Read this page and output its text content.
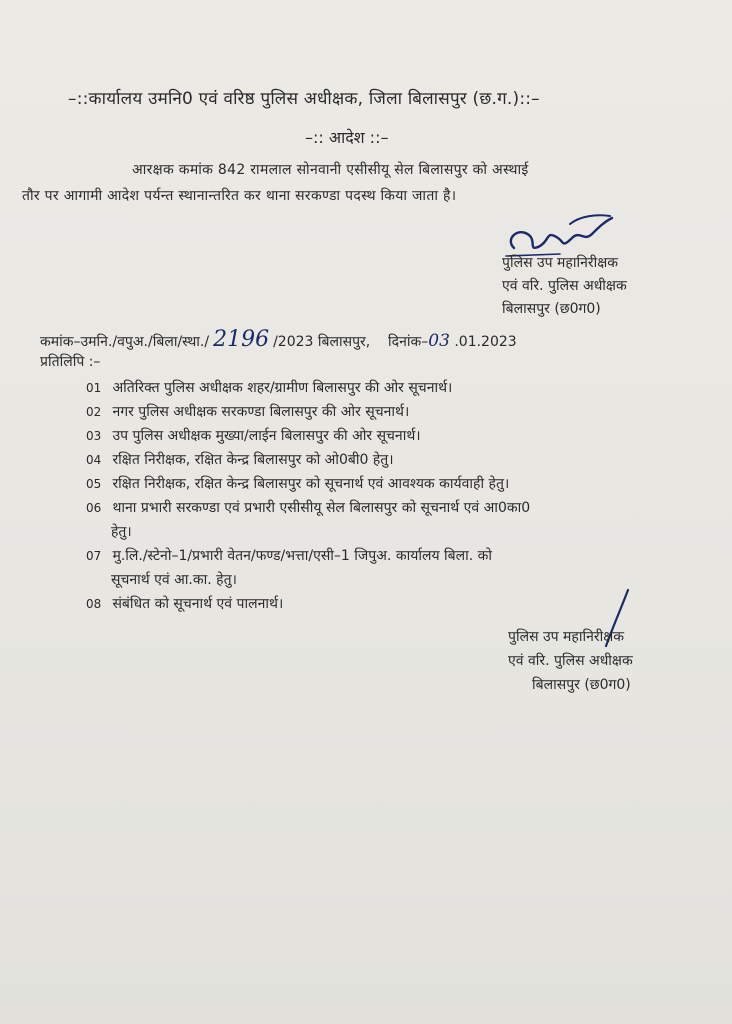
–::कार्यालय उमनि0 एवं वरिष्ठ पुलिस अधीक्षक, जिला बिलासपुर (छ.ग.)::–
–:: आदेश ::–
आरक्षक कमांक 842 रामलाल सोनवानी एसीसीयू सेल बिलासपुर को अस्थाई
तौर पर आगामी आदेश पर्यन्त स्थानान्तरित कर थाना सरकण्डा पदस्थ किया जाता है।
पुलिस उप महानिरीक्षक
एवं वरि. पुलिस अधीक्षक
बिलासपुर (छ0ग0)
कमांक–उमनि./वपुअ./बिला/स्था./ 2196 /2023 बिलासपुर, दिनांक–03 .01.2023
प्रतिलिपि :–
01 अतिरिक्त पुलिस अधीक्षक शहर/ग्रामीण बिलासपुर की ओर सूचनार्थ।
02 नगर पुलिस अधीक्षक सरकण्डा बिलासपुर की ओर सूचनार्थ।
03 उप पुलिस अधीक्षक मुख्या/लाईन बिलासपुर की ओर सूचनार्थ।
04 रक्षित निरीक्षक, रक्षित केन्द्र बिलासपुर को ओ0बी0 हेतु।
05 रक्षित निरीक्षक, रक्षित केन्द्र बिलासपुर को सूचनार्थ एवं आवश्यक कार्यवाही हेतु।
06 थाना प्रभारी सरकण्डा एवं प्रभारी एसीसीयू सेल बिलासपुर को सूचनार्थ एवं आ0का0
हेतु।
07 मु.लि./स्टेनो–1/प्रभारी वेतन/फण्ड/भत्ता/एसी–1 जिपुअ. कार्यालय बिला. को
सूचनार्थ एवं आ.का. हेतु।
08 संबंधित को सूचनार्थ एवं पालनार्थ।
पुलिस उप महानिरीक्षक
एवं वरि. पुलिस अधीक्षक
बिलासपुर (छ0ग0)
